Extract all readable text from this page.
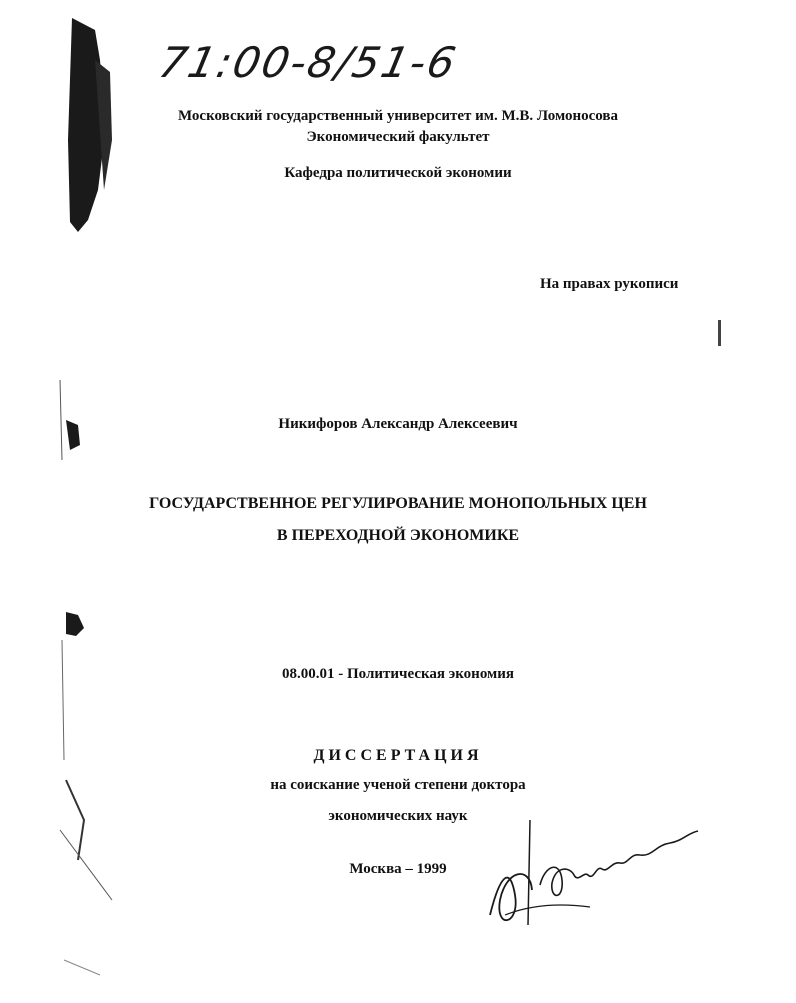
71:00-8/51-6
Московский государственный университет им. М.В. Ломоносова
Экономический факультет
Кафедра политической экономии
На правах рукописи
Никифоров Александр Алексеевич
ГОСУДАРСТВЕННОЕ РЕГУЛИРОВАНИЕ МОНОПОЛЬНЫХ ЦЕН
В ПЕРЕХОДНОЙ ЭКОНОМИКЕ
08.00.01 - Политическая экономия
ДИССЕРТАЦИЯ
на соискание ученой степени доктора
экономических наук
Москва – 1999
